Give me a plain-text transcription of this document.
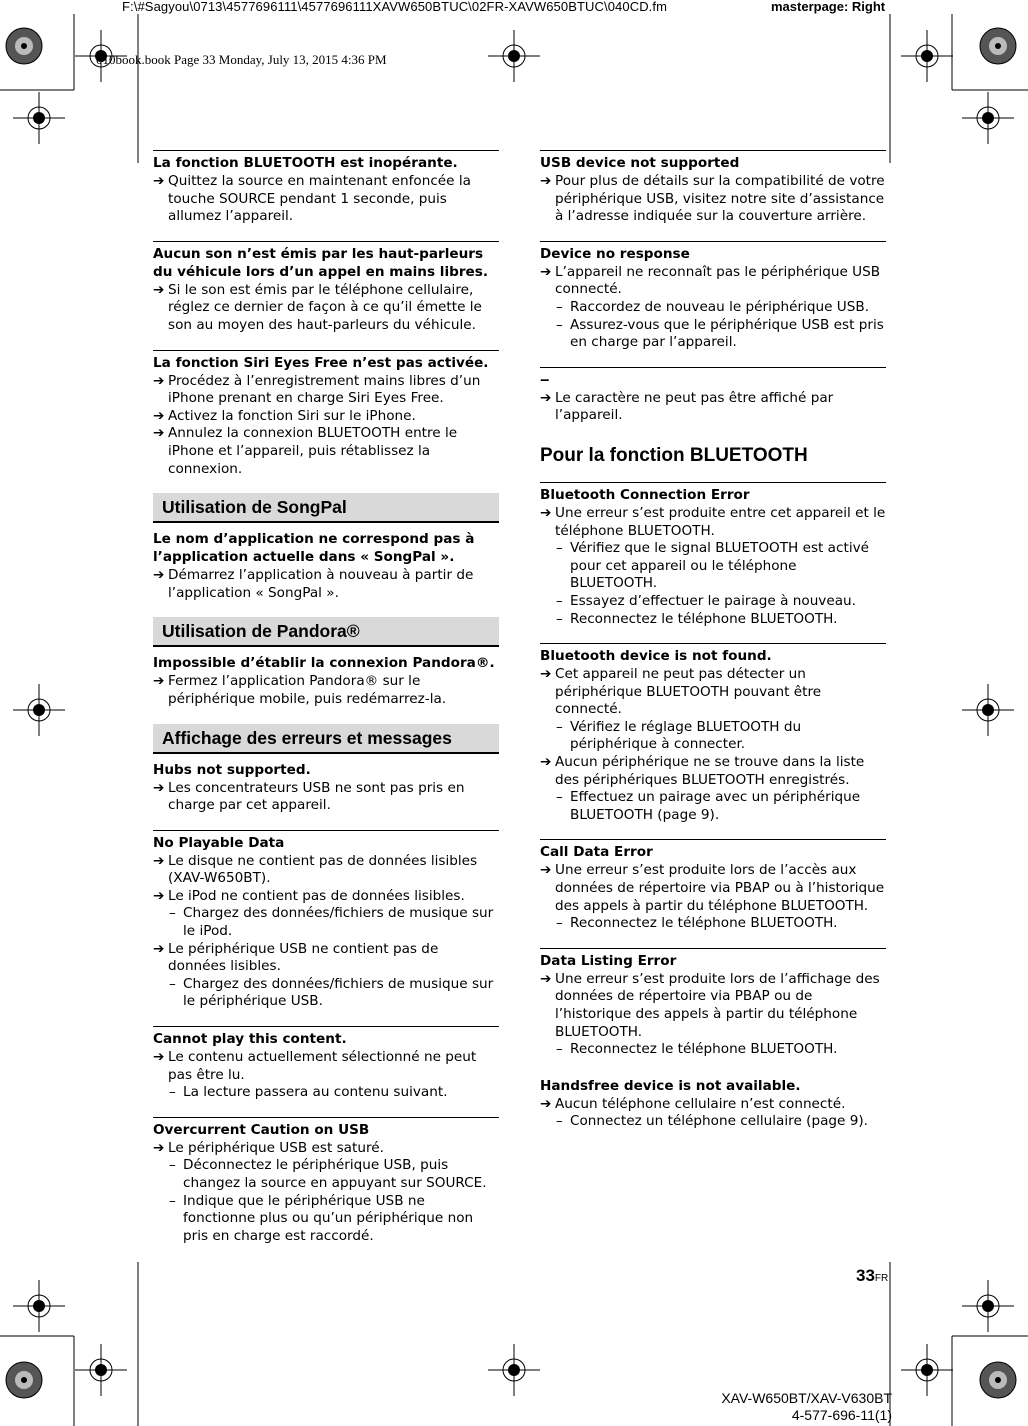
F:\#Sagyou\0713\4577696111\4577696111XAVW650BTUC\02FR-XAVW650BTUC\040CD.fm	masterpage: Right
010book.book Page 33 Monday, July 13, 2015 4:36 PM
La fonction BLUETOOTH est inopérante.
➔ Quittez la source en maintenant enfoncée la touche SOURCE pendant 1 seconde, puis allumez l’appareil.
Aucun son n’est émis par les haut-parleurs du véhicule lors d’un appel en mains libres.
➔ Si le son est émis par le téléphone cellulaire, réglez ce dernier de façon à ce qu’il émette le son au moyen des haut-parleurs du véhicule.
La fonction Siri Eyes Free n’est pas activée.
➔ Procédez à l’enregistrement mains libres d’un iPhone prenant en charge Siri Eyes Free.
➔ Activez la fonction Siri sur le iPhone.
➔ Annulez la connexion BLUETOOTH entre le iPhone et l’appareil, puis rétablissez la connexion.
Utilisation de SongPal
Le nom d’application ne correspond pas à l’application actuelle dans « SongPal ».
➔ Démarrez l’application à nouveau à partir de l’application « SongPal ».
Utilisation de Pandora®
Impossible d’établir la connexion Pandora®.
➔ Fermez l’application Pandora® sur le périphérique mobile, puis redémarrez-la.
Affichage des erreurs et messages
Hubs not supported.
➔ Les concentrateurs USB ne sont pas pris en charge par cet appareil.
No Playable Data
➔ Le disque ne contient pas de données lisibles (XAV-W650BT).
➔ Le iPod ne contient pas de données lisibles.
– Chargez des données/fichiers de musique sur le iPod.
➔ Le périphérique USB ne contient pas de données lisibles.
– Chargez des données/fichiers de musique sur le périphérique USB.
Cannot play this content.
➔ Le contenu actuellement sélectionné ne peut pas être lu.
– La lecture passera au contenu suivant.
Overcurrent Caution on USB
➔ Le périphérique USB est saturé.
– Déconnectez le périphérique USB, puis changez la source en appuyant sur SOURCE.
– Indique que le périphérique USB ne fonctionne plus ou qu’un périphérique non pris en charge est raccordé.
USB device not supported
➔ Pour plus de détails sur la compatibilité de votre périphérique USB, visitez notre site d’assistance à l’adresse indiquée sur la couverture arrière.
Device no response
➔ L’appareil ne reconnaît pas le périphérique USB connecté.
– Raccordez de nouveau le périphérique USB.
– Assurez-vous que le périphérique USB est pris en charge par l’appareil.
‒
➔ Le caractère ne peut pas être affiché par l’appareil.
Pour la fonction BLUETOOTH
Bluetooth Connection Error
➔ Une erreur s’est produite entre cet appareil et le téléphone BLUETOOTH.
– Vérifiez que le signal BLUETOOTH est activé pour cet appareil ou le téléphone BLUETOOTH.
– Essayez d’effectuer le pairage à nouveau.
– Reconnectez le téléphone BLUETOOTH.
Bluetooth device is not found.
➔ Cet appareil ne peut pas détecter un périphérique BLUETOOTH pouvant être connecté.
– Vérifiez le réglage BLUETOOTH du périphérique à connecter.
➔ Aucun périphérique ne se trouve dans la liste des périphériques BLUETOOTH enregistrés.
– Effectuez un pairage avec un périphérique BLUETOOTH (page 9).
Call Data Error
➔ Une erreur s’est produite lors de l’accès aux données de répertoire via PBAP ou à l’historique des appels à partir du téléphone BLUETOOTH.
– Reconnectez le téléphone BLUETOOTH.
Data Listing Error
➔ Une erreur s’est produite lors de l’affichage des données de répertoire via PBAP ou de l’historique des appels à partir du téléphone BLUETOOTH.
– Reconnectez le téléphone BLUETOOTH.
Handsfree device is not available.
➔ Aucun téléphone cellulaire n’est connecté.
– Connectez un téléphone cellulaire (page 9).
33FR
XAV-W650BT/XAV-V630BT
4-577-696-11(1)
